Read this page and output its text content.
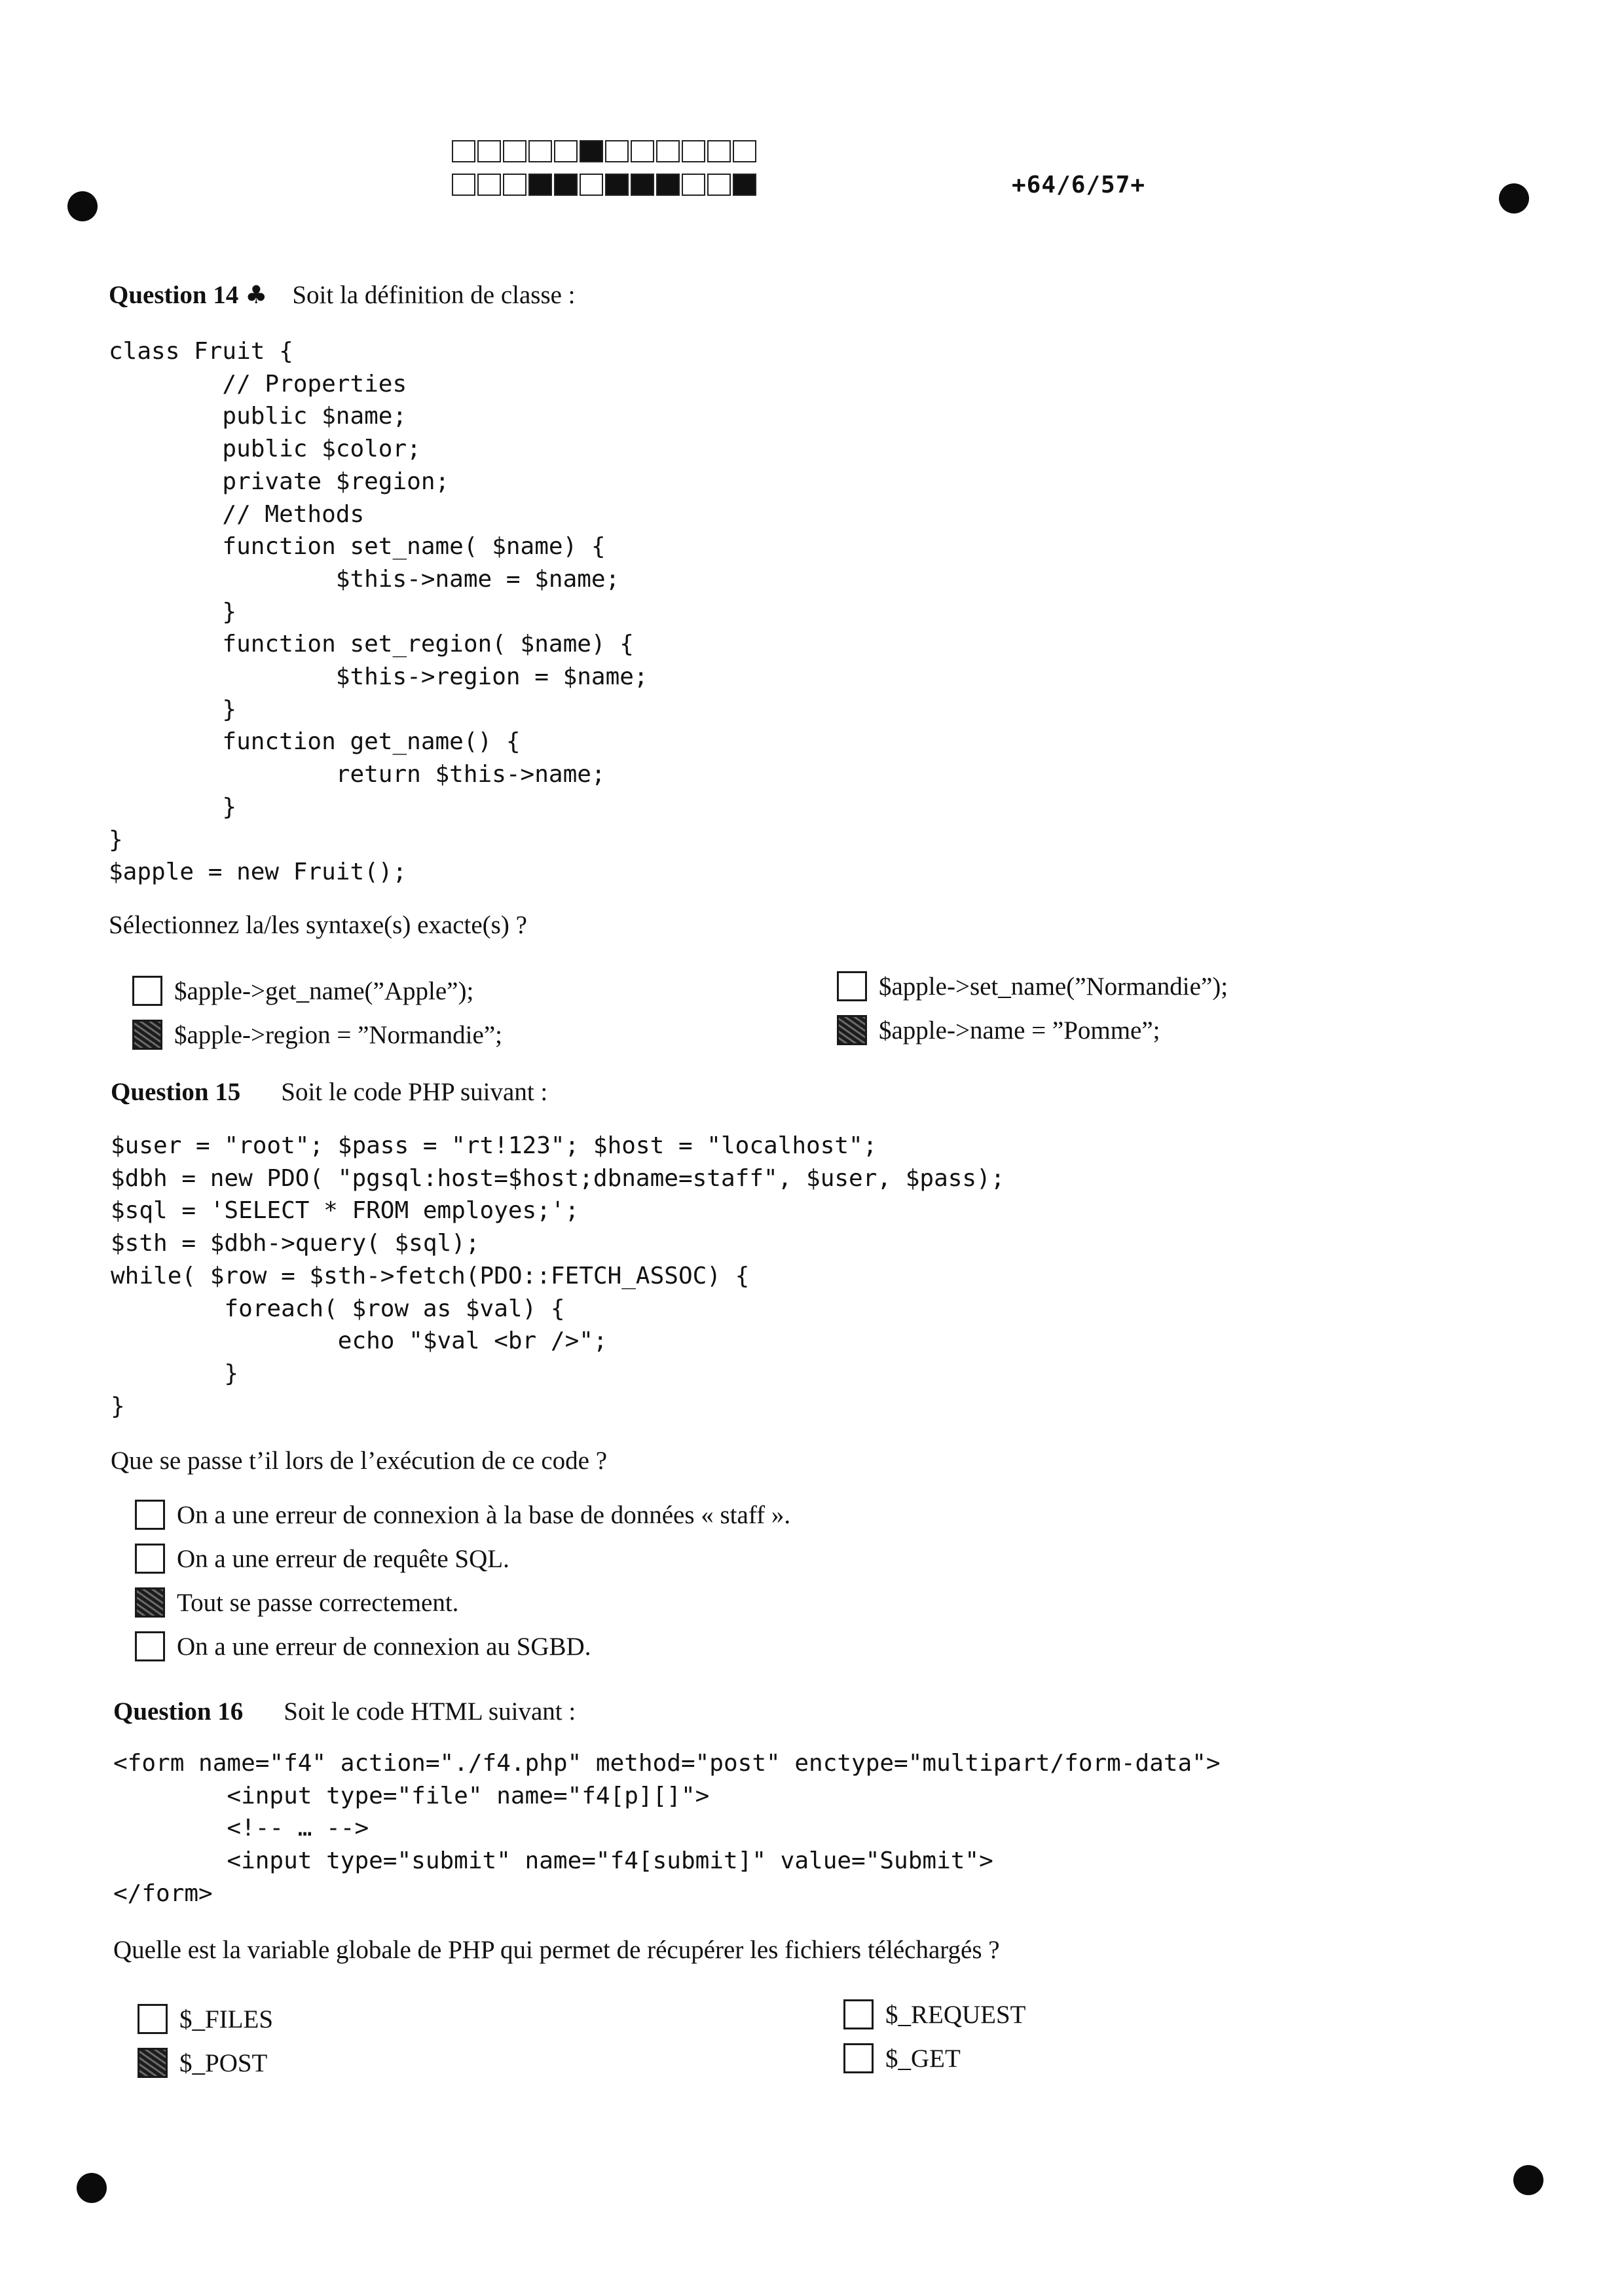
+64/6/57+
Question 14 ♣ Soit la définition de classe :
class Fruit {
// Properties
public $name;
public $color;
private $region;
// Methods
function set_name( $name) {
$this->name = $name;
}
function set_region( $name) {
$this->region = $name;
}
function get_name() {
return $this->name;
}
}
$apple = new Fruit();
Sélectionnez la/les syntaxe(s) exacte(s) ?
$apple->get_name(”Apple”);
$apple->region = ”Normandie”;
$apple->set_name(”Normandie”);
$apple->name = ”Pomme”;
Question 15 Soit le code PHP suivant :
$user = "root"; $pass = "rt!123"; $host = "localhost";
$dbh = new PDO( "pgsql:host=$host;dbname=staff", $user, $pass);
$sql = 'SELECT * FROM employes;';
$sth = $dbh->query( $sql);
while( $row = $sth->fetch(PDO::FETCH_ASSOC) {
foreach( $row as $val) {
echo "$val <br />";
}
}
Que se passe t’il lors de l’exécution de ce code ?
On a une erreur de connexion à la base de données « staff ».
On a une erreur de requête SQL.
Tout se passe correctement.
On a une erreur de connexion au SGBD.
Question 16 Soit le code HTML suivant :
<form name="f4" action="./f4.php" method="post" enctype="multipart/form-data">
<input type="file" name="f4[p][]">
<!-- … -->
<input type="submit" name="f4[submit]" value="Submit">
</form>
Quelle est la variable globale de PHP qui permet de récupérer les fichiers téléchargés ?
$_FILES
$_POST
$_REQUEST
$_GET
